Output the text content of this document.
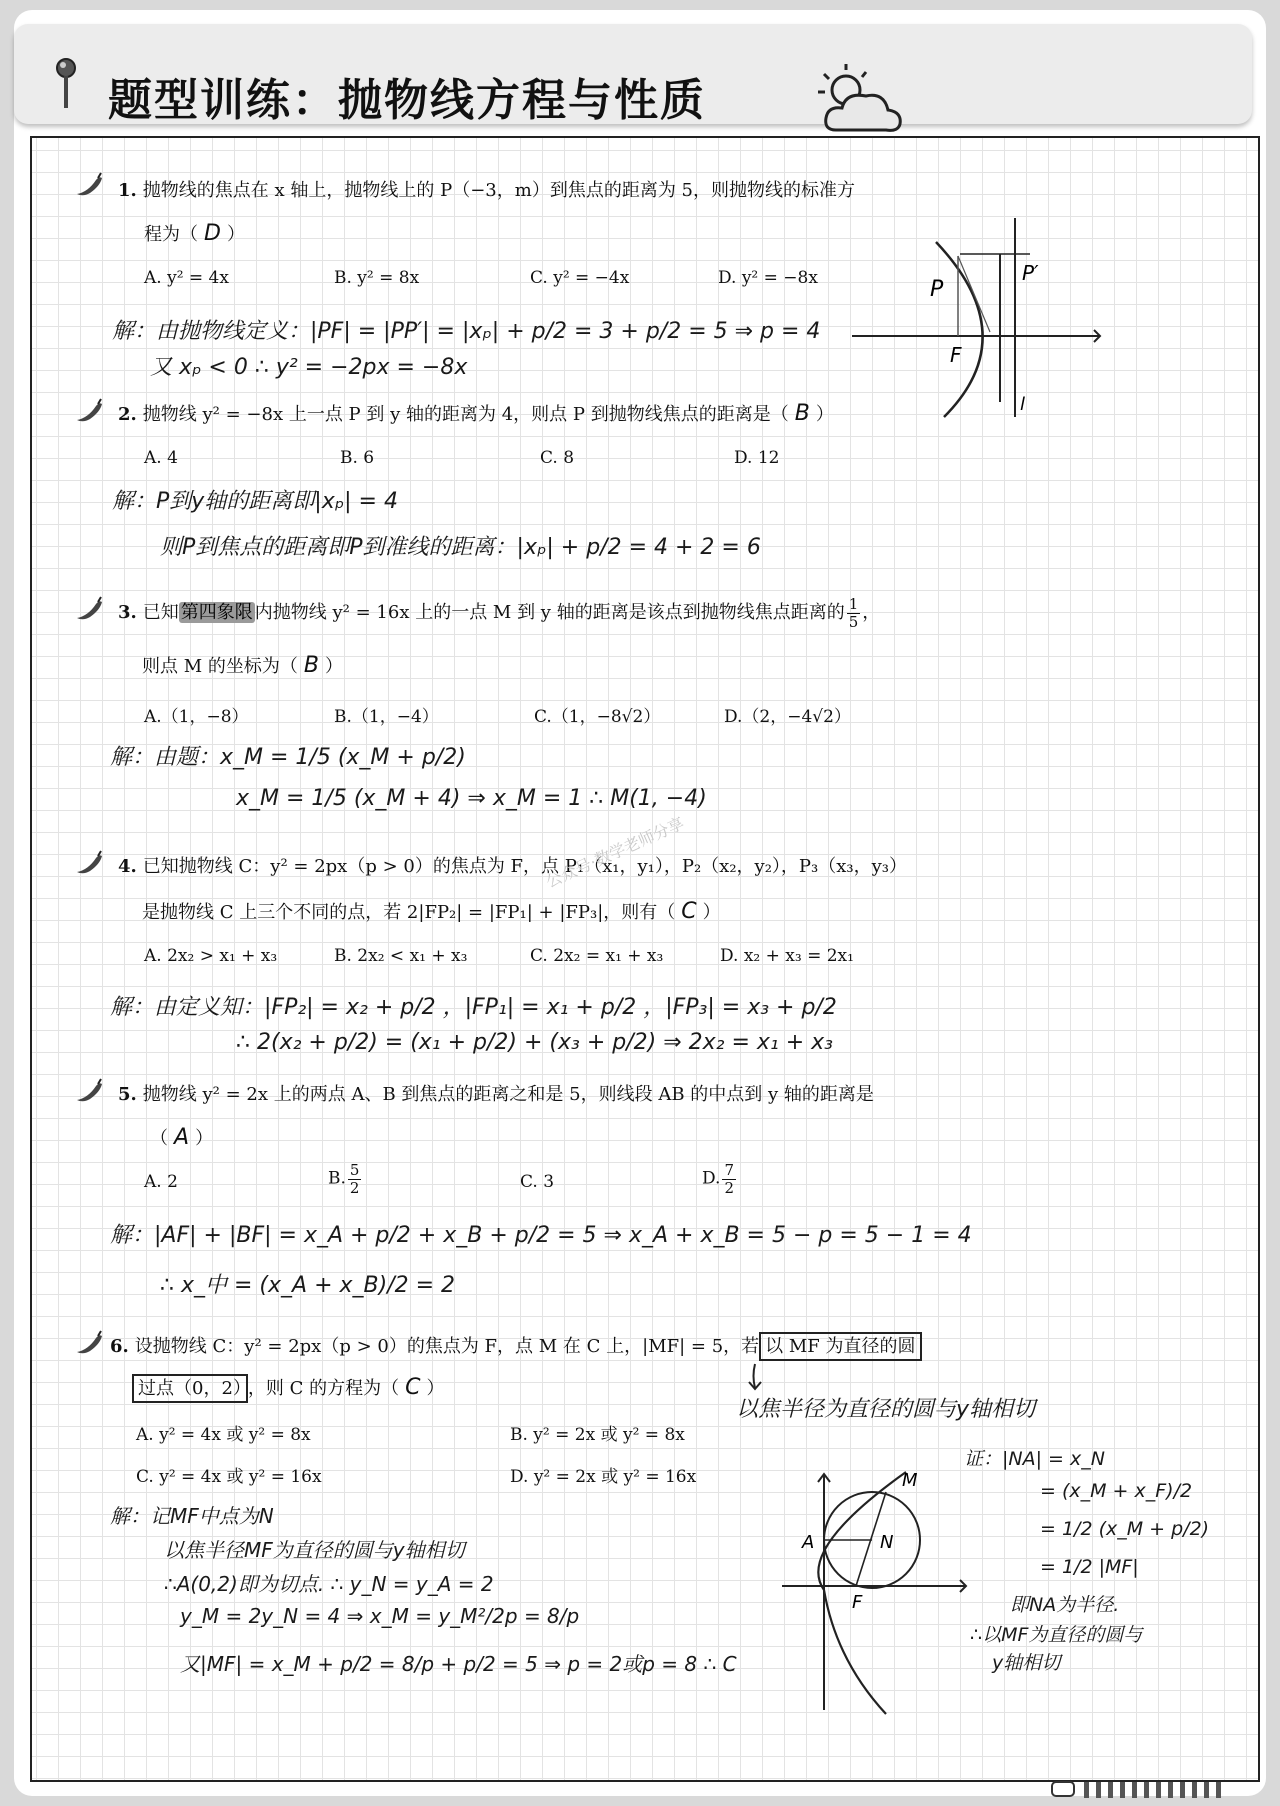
题型训练：抛物线方程与性质
1. 抛物线的焦点在 x 轴上，抛物线上的 P（−3，m）到焦点的距离为 5，则抛物线的标准方
程为（ D ）
A. y² = 4x	B. y² = 8x	C. y² = −4x	D. y² = −8x
解：由抛物线定义：|PF| = |PP′| = |xₚ| + p/2 = 3 + p/2 = 5 ⇒ p = 4
又 xₚ < 0 ∴ y² = −2px = −8x
P
P′
F
l
2. 抛物线 y² = −8x 上一点 P 到 y 轴的距离为 4，则点 P 到抛物线焦点的距离是（ B ）
A. 4	B. 6	C. 8	D. 12
解：P到y轴的距离即|xₚ| = 4
则P到焦点的距离即P到准线的距离：|xₚ| + p/2 = 4 + 2 = 6
3. 已知 第四象限 内抛物线 y² = 16x 上的一点 M 到 y 轴的距离是该点到抛物线焦点距离的 $\frac{1}{5}$ ，
则点 M 的坐标为（ B ）
A.（1，−8）	B.（1，−4）	C.（1，−8√2）	D.（2，−4√2）
解：由题：x_M = 1/5 (x_M + p/2)
x_M = 1/5 (x_M + 4) ⇒ x_M = 1 ∴ M(1, −4)
4. 已知抛物线 C：y² = 2px（p > 0）的焦点为 F，点 P₁（x₁，y₁），P₂（x₂，y₂），P₃（x₃，y₃）
是抛物线 C 上三个不同的点，若 2|FP₂| = |FP₁| + |FP₃|，则有（ C ）
A. 2x₂ > x₁ + x₃	B. 2x₂ < x₁ + x₃	C. 2x₂ = x₁ + x₃	D. x₂ + x₃ = 2x₁
解：由定义知：|FP₂| = x₂ + p/2 ，|FP₁| = x₁ + p/2 ，|FP₃| = x₃ + p/2
∴ 2(x₂ + p/2) = (x₁ + p/2) + (x₃ + p/2) ⇒ 2x₂ = x₁ + x₃
公众号·数学老师分享
5. 抛物线 y² = 2x 上的两点 A、B 到焦点的距离之和是 5，则线段 AB 的中点到 y 轴的距离是
（ A ）
A. 2	B. $\frac{5}{2}$	C. 3	D. $\frac{7}{2}$
解：|AF| + |BF| = x_A + p/2 + x_B + p/2 = 5 ⇒ x_A + x_B = 5 − p = 5 − 1 = 4
∴ x_中 = (x_A + x_B)/2 = 2
6. 设抛物线 C：y² = 2px（p > 0）的焦点为 F，点 M 在 C 上，|MF| = 5，若 以 MF 为直径的圆
过点（0，2） ，则 C 的方程为（ C ）
以焦半径为直径的圆与y轴相切
A. y² = 4x 或 y² = 8x	B. y² = 2x 或 y² = 8x
C. y² = 4x 或 y² = 16x	D. y² = 2x 或 y² = 16x
解：记MF中点为N
以焦半径MF为直径的圆与y轴相切
∴A(0,2)即为切点. ∴ y_N = y_A = 2
y_M = 2y_N = 4 ⇒ x_M = y_M²/2p = 8/p
又|MF| = x_M + p/2 = 8/p + p/2 = 5 ⇒ p = 2或p = 8 ∴ C
M
A	N
F
证：|NA| = x_N
= (x_M + x_F)/2
= 1/2 (x_M + p/2)
= 1/2 |MF|
即NA为半径.
∴以MF为直径的圆与
y轴相切
